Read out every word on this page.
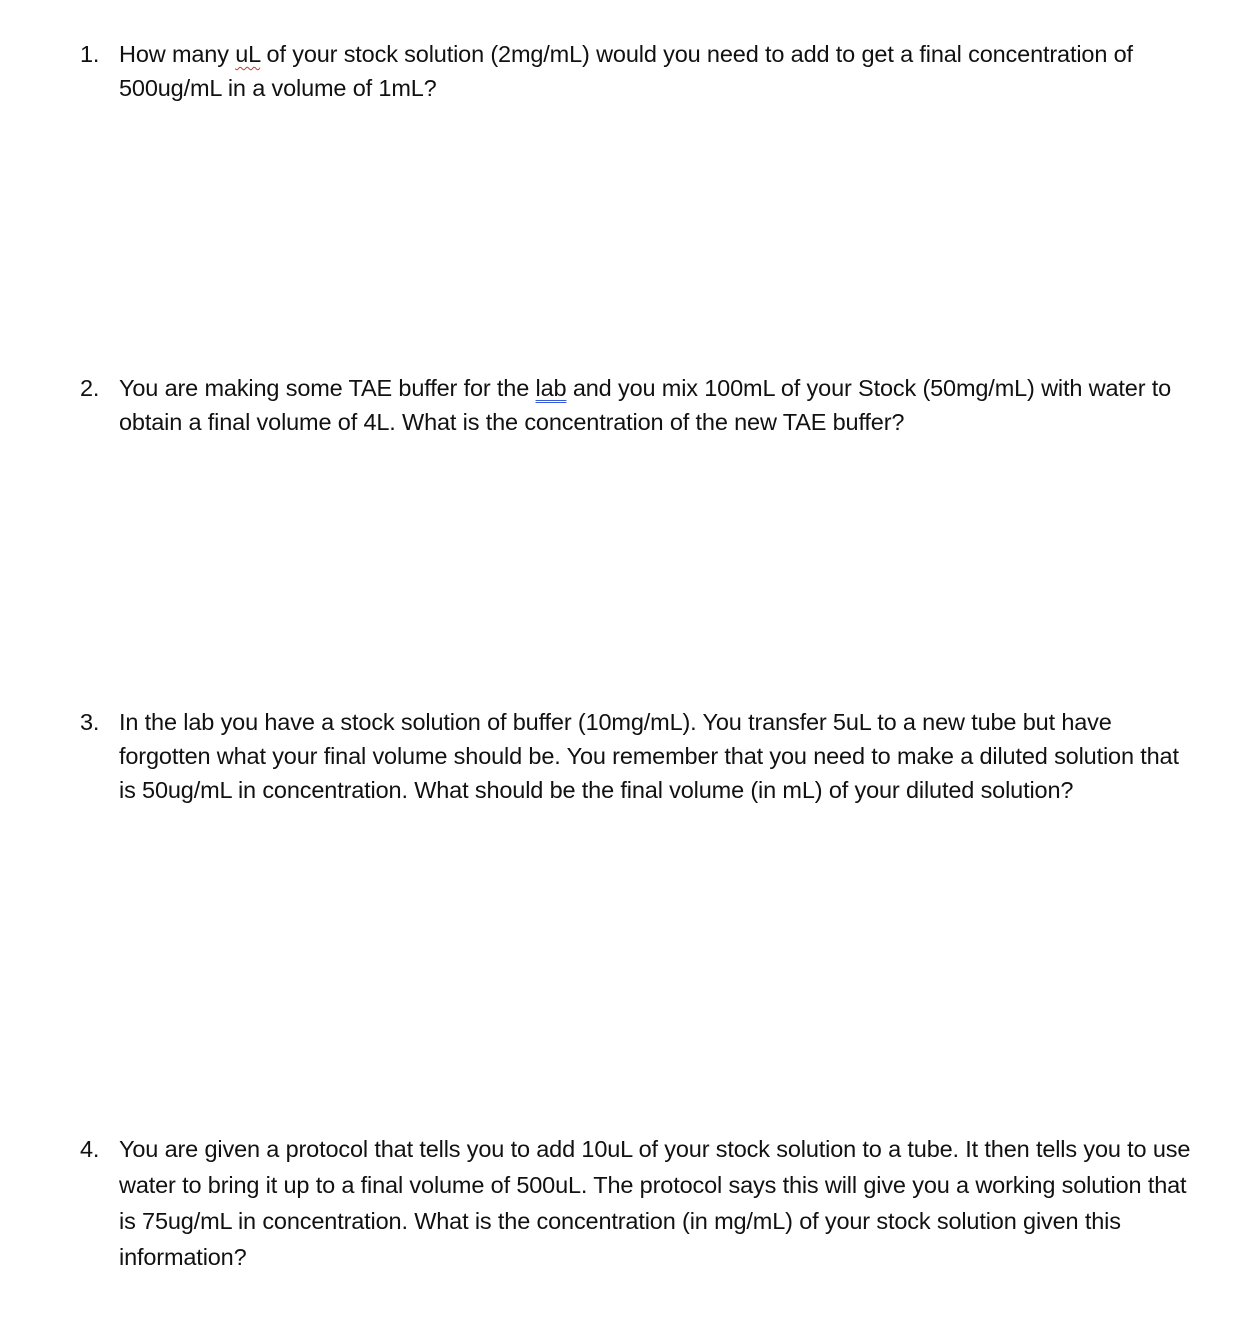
1. How many uL of your stock solution (2mg/mL) would you need to add to get a final concentration of 500ug/mL in a volume of 1mL?
2. You are making some TAE buffer for the lab and you mix 100mL of your Stock (50mg/mL) with water to obtain a final volume of 4L. What is the concentration of the new TAE buffer?
3. In the lab you have a stock solution of buffer (10mg/mL). You transfer 5uL to a new tube but have forgotten what your final volume should be. You remember that you need to make a diluted solution that is 50ug/mL in concentration. What should be the final volume (in mL) of your diluted solution?
4. You are given a protocol that tells you to add 10uL of your stock solution to a tube. It then tells you to use water to bring it up to a final volume of 500uL. The protocol says this will give you a working solution that is 75ug/mL in concentration. What is the concentration (in mg/mL) of your stock solution given this information?
